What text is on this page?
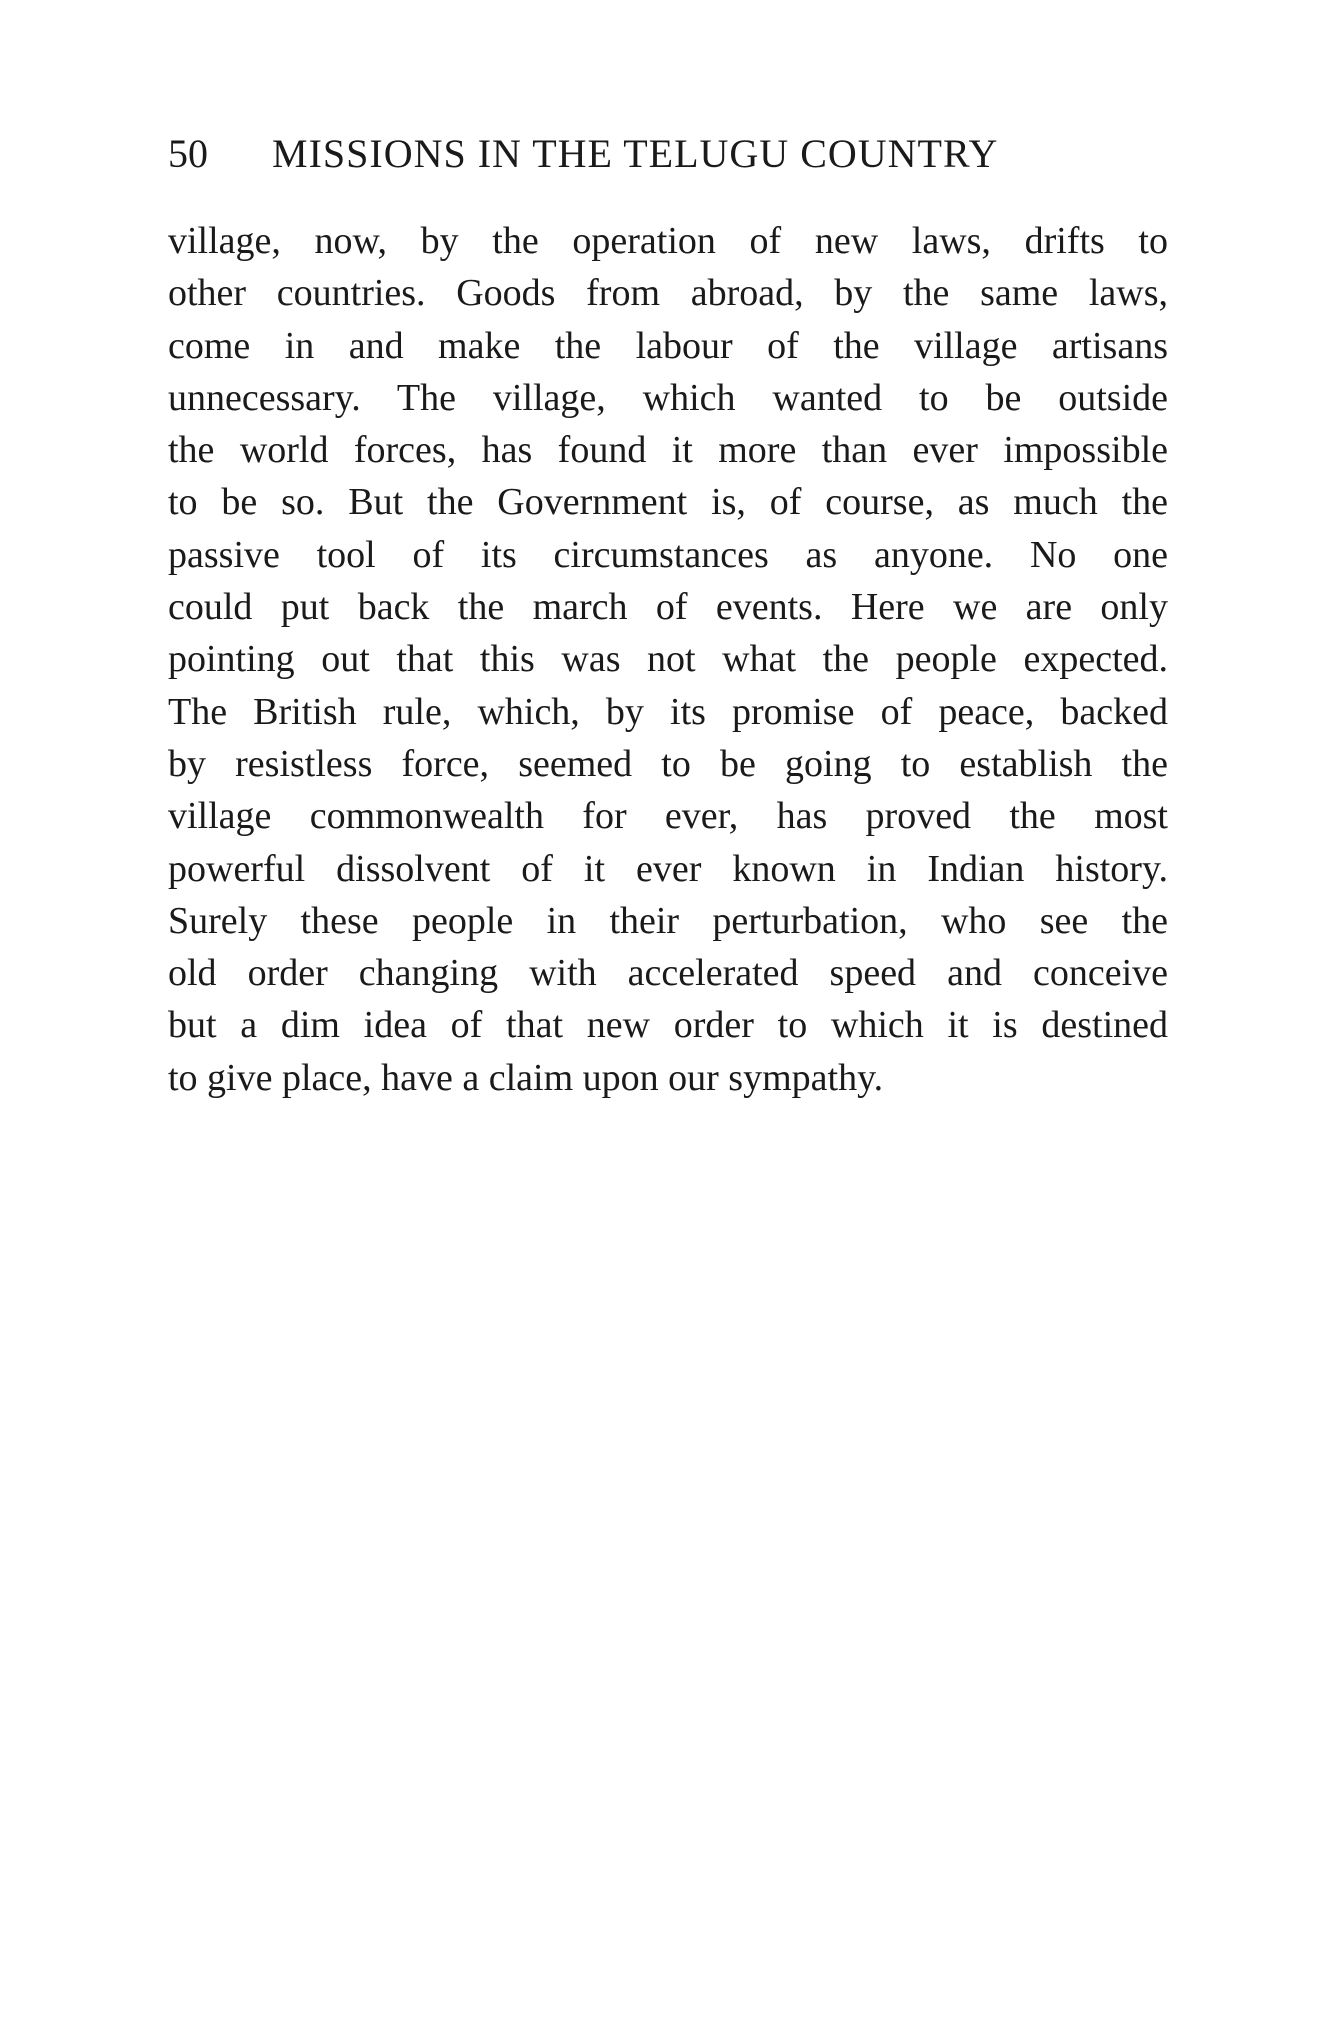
50 MISSIONS IN THE TELUGU COUNTRY
village, now, by the operation of new laws, drifts to
other countries. Goods from abroad, by the same laws,
come in and make the labour of the village artisans
unnecessary. The village, which wanted to be outside
the world forces, has found it more than ever impossible
to be so. But the Government is, of course, as much the
passive tool of its circumstances as anyone. No one
could put back the march of events. Here we are only
pointing out that this was not what the people expected.
The British rule, which, by its promise of peace, backed
by resistless force, seemed to be going to establish the
village commonwealth for ever, has proved the most
powerful dissolvent of it ever known in Indian history.
Surely these people in their perturbation, who see the
old order changing with accelerated speed and conceive
but a dim idea of that new order to which it is destined
to give place, have a claim upon our sympathy.
